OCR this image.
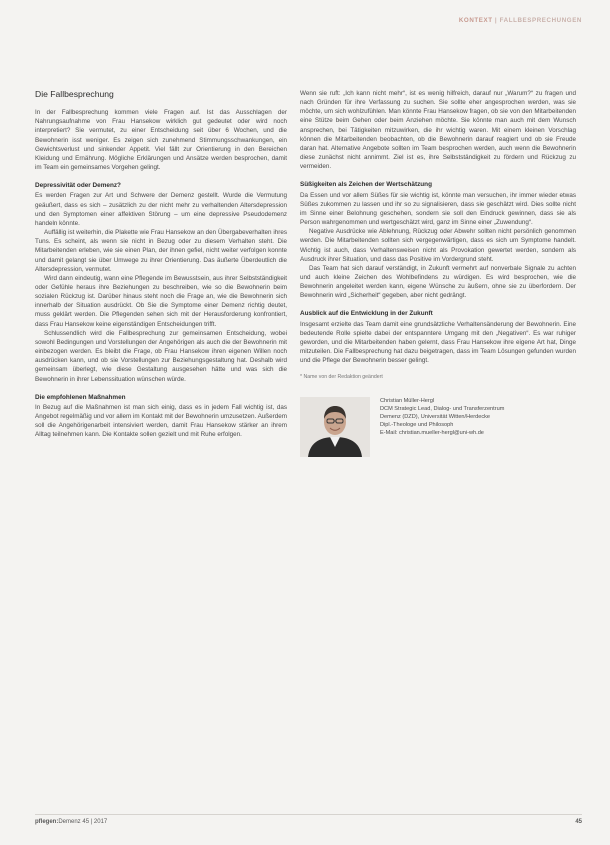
KONTEXT | FALLBESPRECHUNGEN
Die Fallbesprechung

In der Fallbesprechung kommen viele Fragen auf. Ist das Ausschlagen der Nahrungsaufnahme von Frau Hansekow wirklich gut gedeutet oder wird noch interpretiert? Sie vermutet, zu einer Entscheidung seit über 6 Wochen, und die Bewohnerin isst weniger. Es zeigen sich zunehmend Stimmungsschwankungen, ein Gewichtsverlust und sinkender Appetit. Viel fällt zur Orientierung in den Bereichen Kleidung und Ernährung. Mögliche Erklärungen und Ansätze werden besprochen, damit im Team ein gemeinsames Vorgehen gelingt.

Depressivität oder Demenz?

Es werden Fragen zur Art und Schwere der Demenz gestellt. Wurde die Vermutung geäußert, dass es sich – zusätzlich zu der nicht mehr zu verhaltenden Altersdepression und den Symptomen einer affektiven Störung – um eine depressive Pseudodemenz handeln könnte.

Auffällig ist weiterhin, die Plakette wie Frau Hansekow an den Übergabeverhalten ihres Tuns. Es scheint, als wenn sie nicht in Bezug oder zu diesem Verhalten steht. Die Mitarbeitenden erleben, wie sie einen Plan, der ihnen gefiel, nicht weiter verfolgen konnte und damit gelangt sie über Umwege zu ihrer Orientierung. Das äußerte Überdeutlich die Altersdepression, vermutet.

Wird dann eindeutig, wann eine Pflegende im Bewusstsein, aus ihrer Selbstständigkeit oder Gefühle heraus ihre Beziehungen zu beschreiben, wie so die Bewohnerin beim sozialen Rückzug ist. Darüber hinaus steht noch die Frage an, wie die Bewohnerin sich innerhalb der Situation ausdrückt. Ob Sie die Symptome einer Demenz richtig deutet, muss geklärt werden. Die Pflegenden sehen sich mit der Herausforderung konfrontiert, dass Frau Hansekow keine eigenständigen Entscheidungen trifft.

Schlussendlich wird die Fallbesprechung zur gemeinsamen Entscheidung, wobei sowohl Bedingungen und Vorstellungen der Angehörigen als auch die der Bewohnerin mit einbezogen werden. Es bleibt die Frage, ob Frau Hansekow ihren eigenen Willen noch ausdrücken kann, und ob sie Vorstellungen zur Beziehungsgestaltung hat. Deshalb wird gemeinsam überlegt, wie diese Gestaltung ausgesehen hätte und was sich die Bewohnerin in ihrer Lebenssituation wünschen würde.

Die empfohlenen Maßnahmen

In Bezug auf die Maßnahmen ist man sich einig, dass es in jedem Fall wichtig ist, das Angebot regelmäßig und vor allem im Kontakt mit der Bewohnerin umzusetzen. Außerdem soll die Angehörigenarbeit intensiviert werden, damit Frau Hansekow stärker an ihrem Alltag teilnehmen kann. Die Kontakte sollen gezielt und mit Ruhe erfolgen.

Wenn sie ruft: „Ich kann nicht mehr“, ist es wenig hilfreich, darauf nur „Warum?“ zu fragen und nach Gründen für ihre Verfassung zu suchen. Sie sollte eher angesprochen werden, was sie möchte, um sich wohlzufühlen. Man könnte Frau Hansekow fragen, ob sie von den Mitarbeitenden eine Stütze beim Gehen oder beim Anziehen möchte. Sie könnte man auch mit dem Wunsch ansprechen, bei Tätigkeiten mitzuwirken, die ihr wichtig waren. Mit einem kleinen Vorschlag können die Mitarbeitenden beobachten, ob die Bewohnerin darauf reagiert und ob sie Freude daran hat. Alternative Angebote sollten im Team besprochen werden, auch wenn die Bewohnerin diese zunächst nicht annimmt. Ziel ist es, ihre Selbstständigkeit zu fördern und Rückzug zu vermeiden.

Süßigkeiten als Zeichen der Wertschätzung

Da Essen und vor allem Süßes für sie wichtig ist, könnte man versuchen, ihr immer wieder etwas Süßes zukommen zu lassen und ihr so zu signalisieren, dass sie geschätzt wird. Dies sollte nicht im Sinne einer Belohnung geschehen, sondern sie soll den Eindruck gewinnen, dass sie als Person wahrgenommen und wertgeschätzt wird, ganz im Sinne einer „Zuwendung“.

Negative Ausdrücke wie Ablehnung, Rückzug oder Abwehr sollten nicht persönlich genommen werden. Die Mitarbeitenden sollten sich vergegenwärtigen, dass es sich um Symptome handelt. Wichtig ist auch, dass Verhaltensweisen nicht als Provokation gewertet werden, sondern als Ausdruck ihrer Situation, und dass das Positive im Vordergrund steht.

Das Team hat sich darauf verständigt, in Zukunft vermehrt auf nonverbale Signale zu achten und auch kleine Zeichen des Wohlbefindens zu würdigen. Es wird besprochen, wie die Bewohnerin angeleitet werden kann, eigene Wünsche zu äußern, ohne sie zu überfordern. Der Bewohnerin wird „Sicherheit“ gegeben, aber nicht gedrängt.

Ausblick auf die Entwicklung in der Zukunft

Insgesamt erzielte das Team damit eine grundsätzliche Verhaltensänderung der Bewohnerin. Eine bedeutende Rolle spielte dabei der entspanntere Umgang mit den „Negativen“. Es war ruhiger geworden, und die Mitarbeitenden haben gelernt, dass Frau Hansekow ihre eigene Art hat, Dinge mitzuteilen. Die Fallbesprechung hat dazu beigetragen, dass im Team Lösungen gefunden wurden und die Pflege der Bewohnerin besser gelingt.

* Name von der Redaktion geändert
Christian Müller-Hergl
DCM Strategic Lead, Dialog- und Transferzentrum
Demenz (DZD), Universität Witten/Herdecke
Dipl.-Theologe und Philosoph
E-Mail: christian.mueller-hergl@uni-wh.de
pflegen:Demenz 45 | 2017	45
